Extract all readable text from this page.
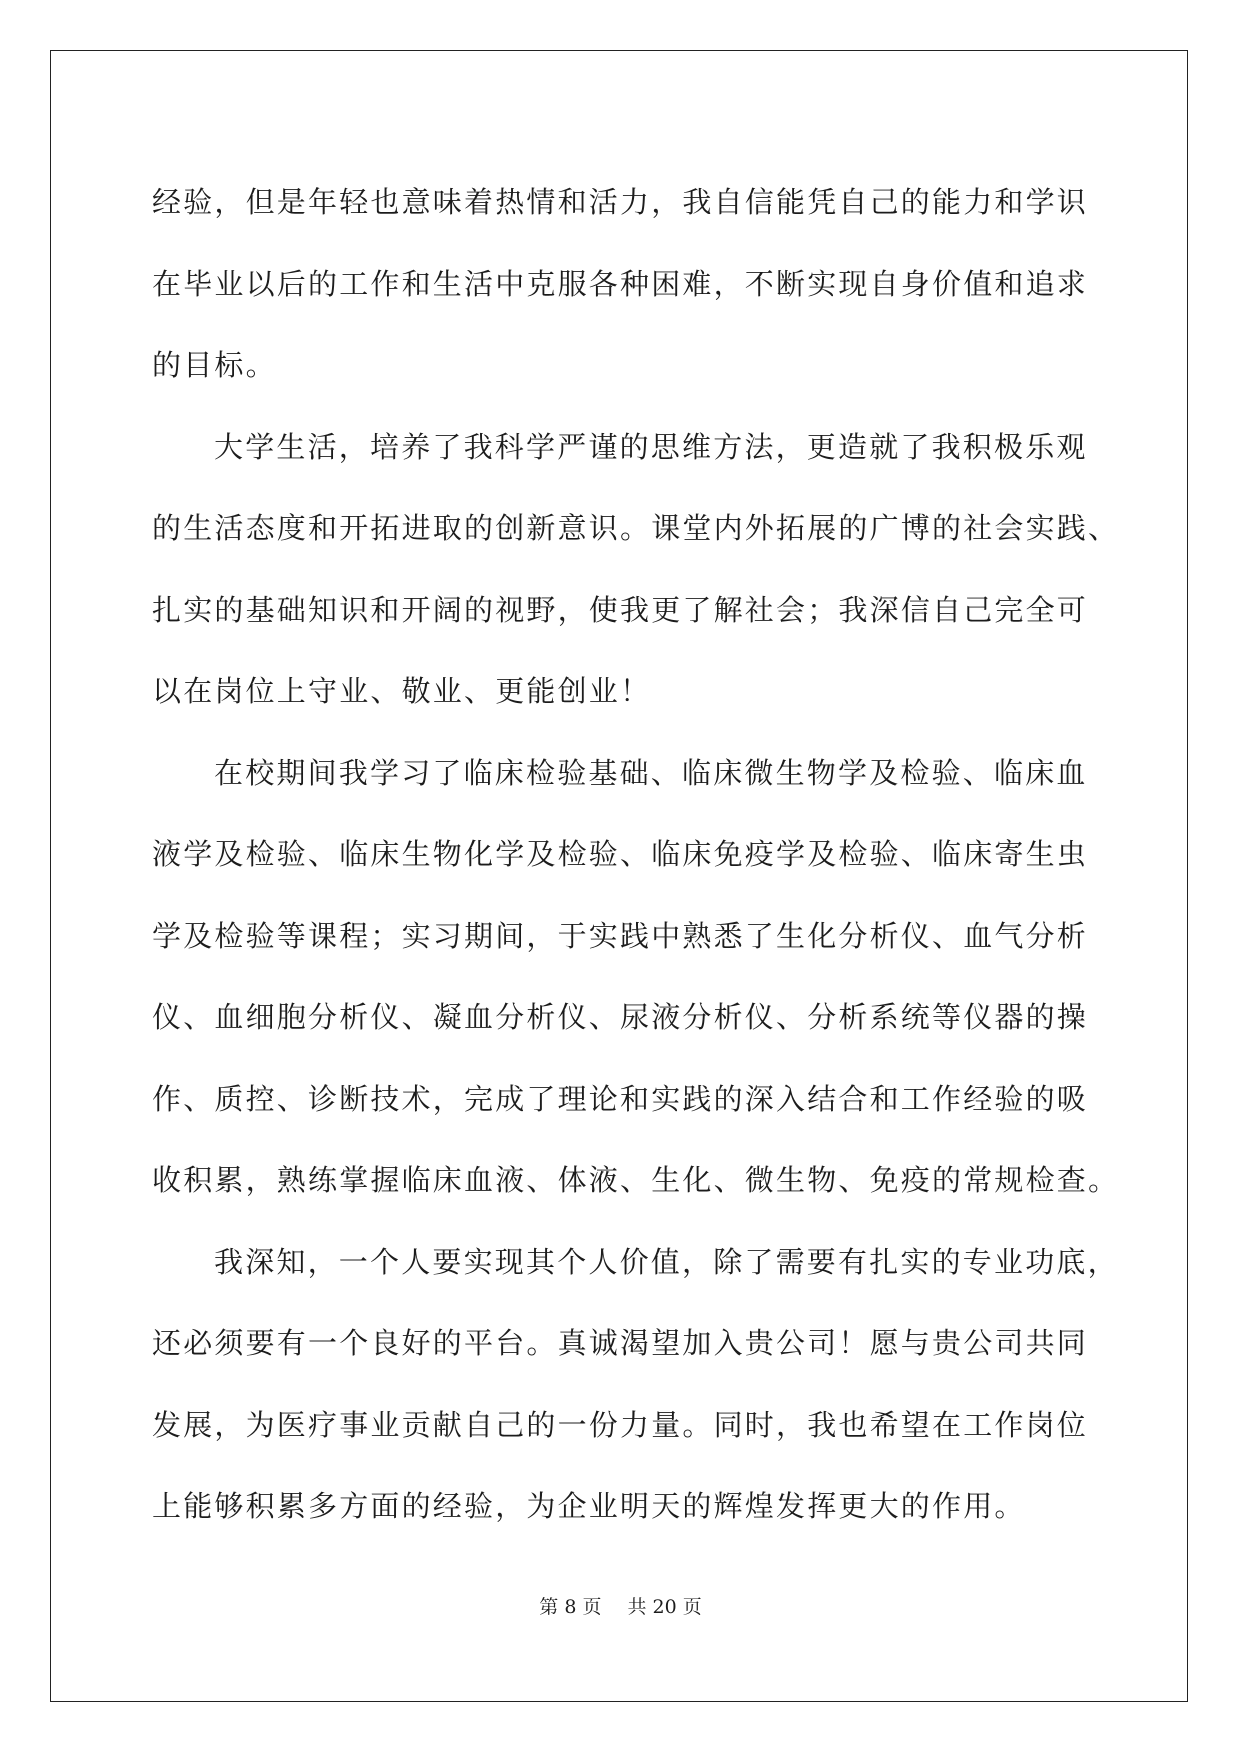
经验，但是年轻也意味着热情和活力，我自信能凭自己的能力和学识
在毕业以后的工作和生活中克服各种困难，不断实现自身价值和追求
的目标。
大学生活，培养了我科学严谨的思维方法，更造就了我积极乐观
的生活态度和开拓进取的创新意识。课堂内外拓展的广博的社会实践、
扎实的基础知识和开阔的视野，使我更了解社会；我深信自己完全可
以在岗位上守业、敬业、更能创业！
在校期间我学习了临床检验基础、临床微生物学及检验、临床血
液学及检验、临床生物化学及检验、临床免疫学及检验、临床寄生虫
学及检验等课程；实习期间，于实践中熟悉了生化分析仪、血气分析
仪、血细胞分析仪、凝血分析仪、尿液分析仪、分析系统等仪器的操
作、质控、诊断技术，完成了理论和实践的深入结合和工作经验的吸
收积累，熟练掌握临床血液、体液、生化、微生物、免疫的常规检查。
我深知，一个人要实现其个人价值，除了需要有扎实的专业功底，
还必须要有一个良好的平台。真诚渴望加入贵公司！愿与贵公司共同
发展，为医疗事业贡献自己的一份力量。同时，我也希望在工作岗位
上能够积累多方面的经验，为企业明天的辉煌发挥更大的作用。
第 8 页 共 20 页
